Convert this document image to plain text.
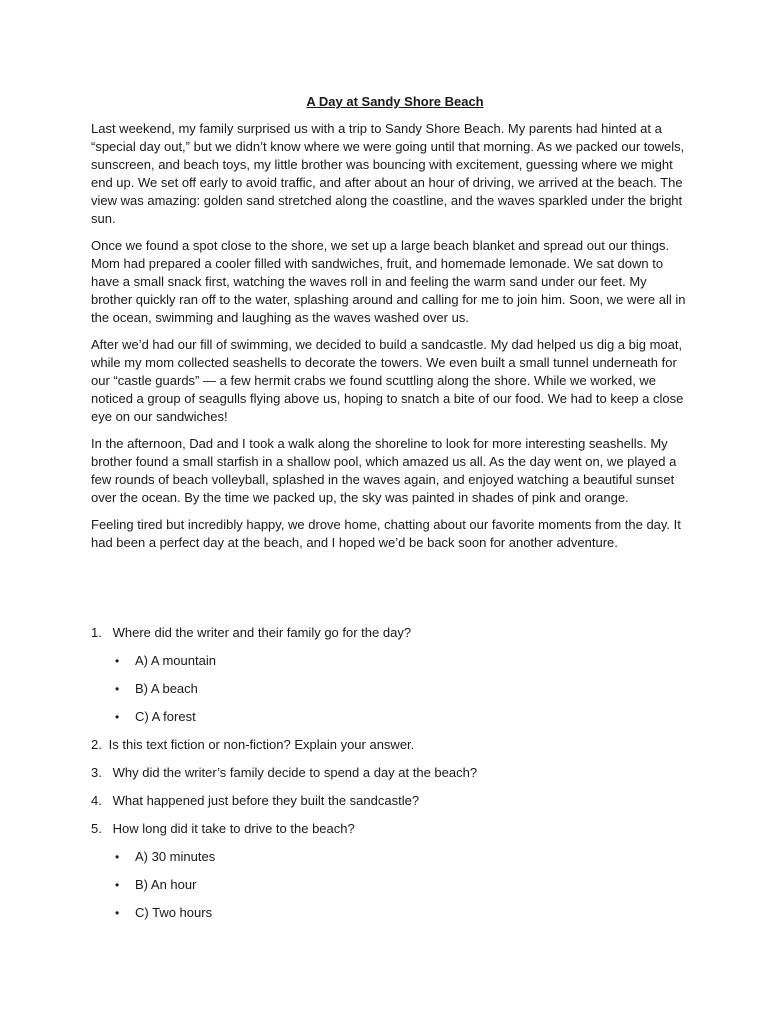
A Day at Sandy Shore Beach

Last weekend, my family surprised us with a trip to Sandy Shore Beach. My parents had hinted at a “special day out,” but we didn’t know where we were going until that morning. As we packed our towels, sunscreen, and beach toys, my little brother was bouncing with excitement, guessing where we might end up. We set off early to avoid traffic, and after about an hour of driving, we arrived at the beach. The view was amazing: golden sand stretched along the coastline, and the waves sparkled under the bright sun.

Once we found a spot close to the shore, we set up a large beach blanket and spread out our things. Mom had prepared a cooler filled with sandwiches, fruit, and homemade lemonade. We sat down to have a small snack first, watching the waves roll in and feeling the warm sand under our feet. My brother quickly ran off to the water, splashing around and calling for me to join him. Soon, we were all in the ocean, swimming and laughing as the waves washed over us.

After we’d had our fill of swimming, we decided to build a sandcastle. My dad helped us dig a big moat, while my mom collected seashells to decorate the towers. We even built a small tunnel underneath for our “castle guards” — a few hermit crabs we found scuttling along the shore. While we worked, we noticed a group of seagulls flying above us, hoping to snatch a bite of our food. We had to keep a close eye on our sandwiches!

In the afternoon, Dad and I took a walk along the shoreline to look for more interesting seashells. My brother found a small starfish in a shallow pool, which amazed us all. As the day went on, we played a few rounds of beach volleyball, splashed in the waves again, and enjoyed watching a beautiful sunset over the ocean. By the time we packed up, the sky was painted in shades of pink and orange.

Feeling tired but incredibly happy, we drove home, chatting about our favorite moments from the day. It had been a perfect day at the beach, and I hoped we’d be back soon for another adventure.

1. Where did the writer and their family go for the day?
• A) A mountain
• B) A beach
• C) A forest
2. Is this text fiction or non-fiction? Explain your answer.
3. Why did the writer’s family decide to spend a day at the beach?
4. What happened just before they built the sandcastle?
5. How long did it take to drive to the beach?
• A) 30 minutes
• B) An hour
• C) Two hours
